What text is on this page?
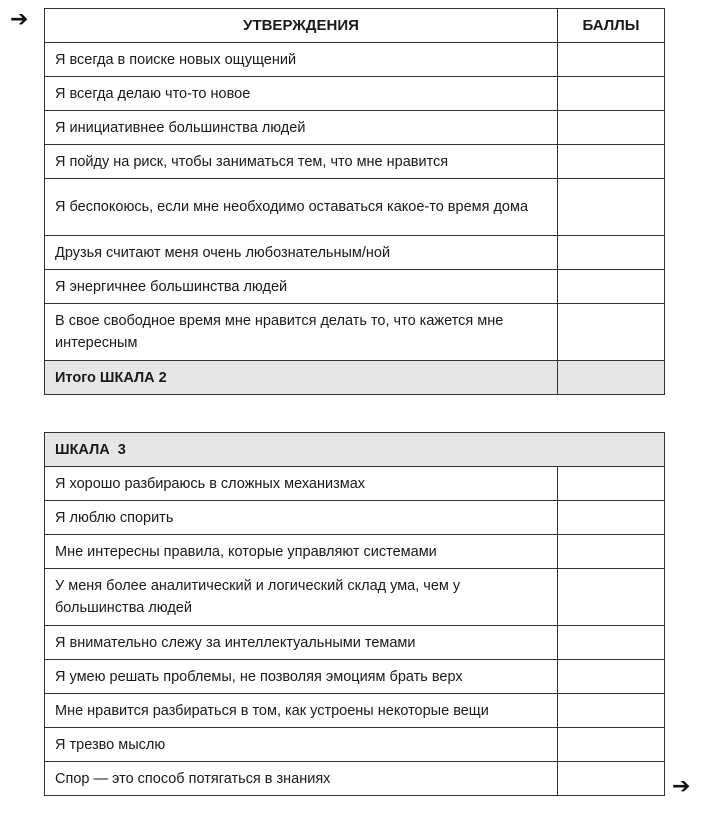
➔	УТВЕРЖДЕНИЯ	БАЛЛЫ
Я всегда в поиске новых ощущений	
Я всегда делаю что-то новое	
Я инициативнее большинства людей	
Я пойду на риск, чтобы заниматься тем, что мне нравится	
Я беспокоюсь, если мне необходимо оставаться какое-то время дома	
Друзья считают меня очень любознательным/ной	
Я энергичнее большинства людей	
В свое свободное время мне нравится делать то, что кажется мне интересным	
Итого ШКАЛА 2	
ШКАЛА  3	
Я хорошо разбираюсь в сложных механизмах	
Я люблю спорить	
Мне интересны правила, которые управляют системами	
У меня более аналитический и логический склад ума, чем у большинства людей	
Я внимательно слежу за интеллектуальными темами	
Я умею решать проблемы, не позволяя эмоциям брать верх	
Мне нравится разбираться в том, как устроены некоторые вещи	
Я трезво мыслю	
Спор — это способ потягаться в знаниях		➔
